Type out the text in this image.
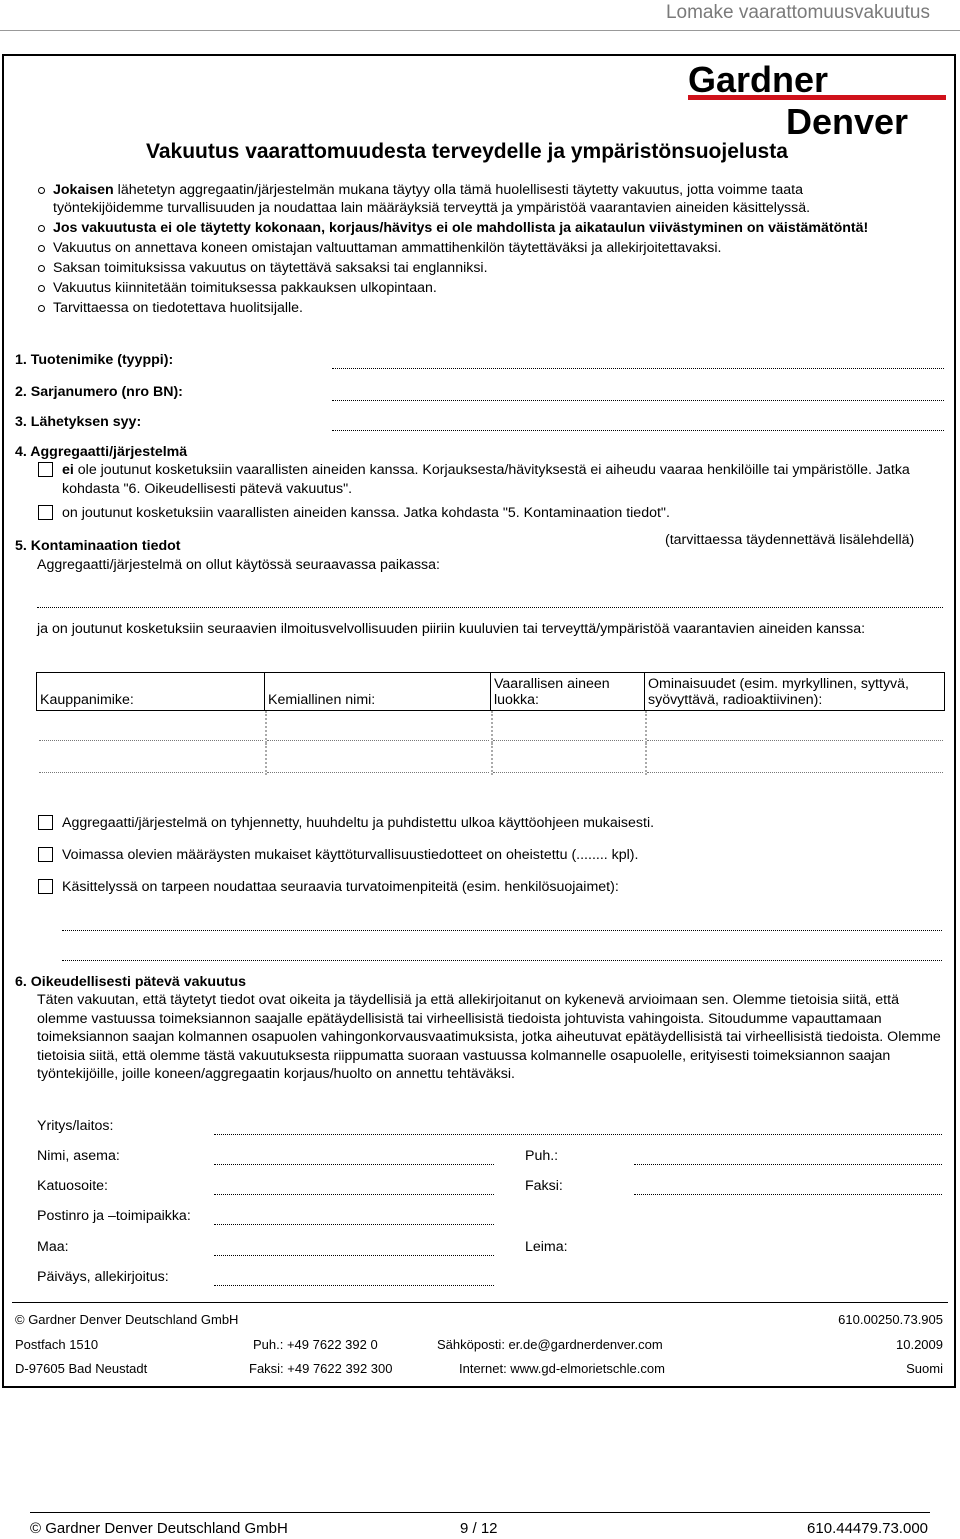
Lomake vaarattomuusvakuutus
Gardner
Denver
Vakuutus vaarattomuudesta terveydelle ja ympäristönsuojelusta
Jokaisen lähetetyn aggregaatin/järjestelmän mukana täytyy olla tämä huolellisesti täytetty vakuutus, jotta voimme taata työntekijöidemme turvallisuuden ja noudattaa lain määräyksiä terveyttä ja ympäristöä vaarantavien aineiden käsittelyssä.
Jos vakuutusta ei ole täytetty kokonaan, korjaus/hävitys ei ole mahdollista ja aikataulun viivästyminen on väistämätöntä!
Vakuutus on annettava koneen omistajan valtuuttaman ammattihenkilön täytettäväksi ja allekirjoitettavaksi.
Saksan toimituksissa vakuutus on täytettävä saksaksi tai englanniksi.
Vakuutus kiinnitetään toimituksessa pakkauksen ulkopintaan.
Tarvittaessa on tiedotettava huolitsijalle.
1. Tuotenimike (tyyppi):
2. Sarjanumero (nro BN):
3. Lähetyksen syy:
4. Aggregaatti/järjestelmä
ei ole joutunut kosketuksiin vaarallisten aineiden kanssa. Korjauksesta/hävityksestä ei aiheudu vaaraa henkilöille tai ympäristölle. Jatka kohdasta "6. Oikeudellisesti pätevä vakuutus".
on joutunut kosketuksiin vaarallisten aineiden kanssa. Jatka kohdasta "5. Kontaminaation tiedot".
5. Kontaminaation tiedot	(tarvittaessa täydennettävä lisälehdellä)
Aggregaatti/järjestelmä on ollut käytössä seuraavassa paikassa:
ja on joutunut kosketuksiin seuraavien ilmoitusvelvollisuuden piiriin kuuluvien tai terveyttä/ympäristöä vaarantavien aineiden kanssa:
Kauppanimike:	Kemiallinen nimi:	Vaarallisen aineen luokka:	Ominaisuudet (esim. myrkyllinen, syttyvä, syövyttävä, radioaktiivinen):

Aggregaatti/järjestelmä on tyhjennetty, huuhdeltu ja puhdistettu ulkoa käyttöohjeen mukaisesti.
Voimassa olevien määräysten mukaiset käyttöturvallisuustiedotteet on oheistettu (........ kpl).
Käsittelyssä on tarpeen noudattaa seuraavia turvatoimenpiteitä (esim. henkilösuojaimet):
6. Oikeudellisesti pätevä vakuutus
Täten vakuutan, että täytetyt tiedot ovat oikeita ja täydellisiä ja että allekirjoitanut on kykenevä arvioimaan sen. Olemme tietoisia siitä, että olemme vastuussa toimeksiannon saajalle epätäydellisistä tai virheellisistä tiedoista johtuvista vahingoista. Sitoudumme vapauttamaan toimeksiannon saajan kolmannen osapuolen vahingonkorvausvaatimuksista, jotka aiheutuvat epätäydellisistä tai virheellisistä tiedoista. Olemme tietoisia siitä, että olemme tästä vakuutuksesta riippumatta suoraan vastuussa kolmannelle osapuolelle, erityisesti toimeksiannon saajan työntekijöille, joille koneen/aggregaatin korjaus/huolto on annettu tehtäväksi.
Yritys/laitos:
Nimi, asema:	Puh.:
Katuosoite:	Faksi:
Postinro ja –toimipaikka:
Maa:	Leima:
Päiväys, allekirjoitus:
© Gardner Denver Deutschland GmbH	610.00250.73.905
Postfach 1510	Puh.: +49 7622 392 0	Sähköposti: er.de@gardnerdenver.com	10.2009
D-97605 Bad Neustadt	Faksi: +49 7622 392 300	Internet: www.gd-elmorietschle.com	Suomi
© Gardner Denver Deutschland GmbH	9 / 12	610.44479.73.000
